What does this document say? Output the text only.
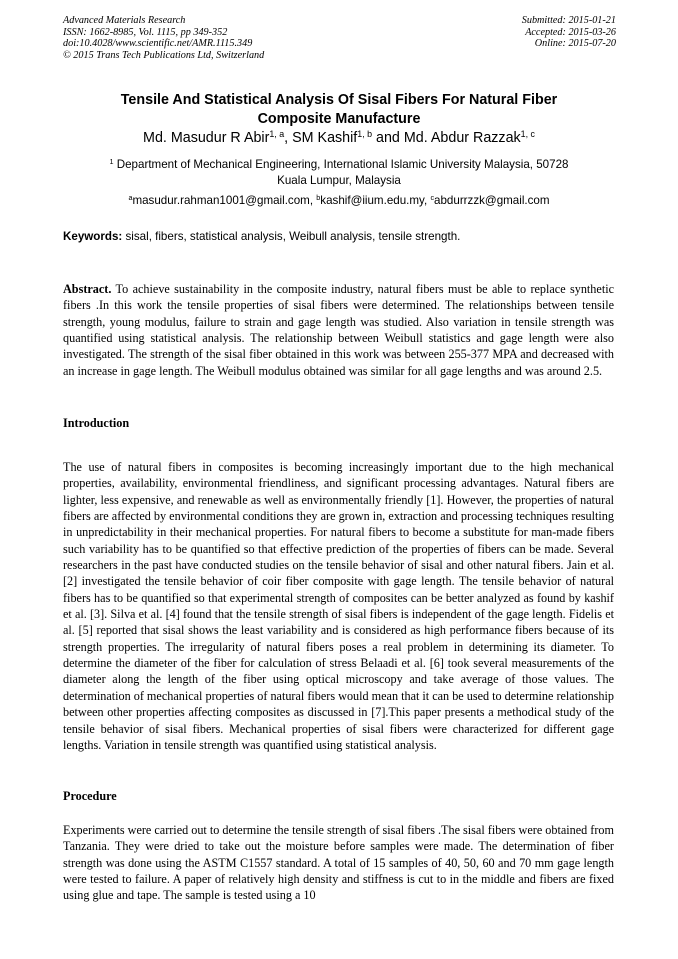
Advanced Materials Research
ISSN: 1662-8985, Vol. 1115, pp 349-352
doi:10.4028/www.scientific.net/AMR.1115.349
© 2015 Trans Tech Publications Ltd, Switzerland
Submitted: 2015-01-21
Accepted: 2015-03-26
Online: 2015-07-20
Tensile And Statistical Analysis Of Sisal Fibers For Natural Fiber
Composite Manufacture
Md. Masudur R Abir$^{1, a}$, SM Kashif$^{1, b}$ and Md. Abdur Razzak$^{1, c}$
$^1$ Department of Mechanical Engineering, International Islamic University Malaysia, 50728
Kuala Lumpur, Malaysia
$^a$masudur.rahman1001@gmail.com, $^b$kashif@iium.edu.my, $^c$abdurrzzk@gmail.com
Keywords: sisal, fibers, statistical analysis, Weibull analysis, tensile strength.
Abstract. To achieve sustainability in the composite industry, natural fibers must be able to replace synthetic fibers .In this work the tensile properties of sisal fibers were determined. The relationships between tensile strength, young modulus, failure to strain and gage length was studied. Also variation in tensile strength was quantified using statistical analysis. The relationship between Weibull statistics and gage length were also investigated. The strength of the sisal fiber obtained in this work was between 255-377 MPA and decreased with an increase in gage length. The Weibull modulus obtained was similar for all gage lengths and was around 2.5.
Introduction
The use of natural fibers in composites is becoming increasingly important due to the high mechanical properties, availability, environmental friendliness, and significant processing advantages. Natural fibers are lighter, less expensive, and renewable as well as environmentally friendly [1]. However, the properties of natural fibers are affected by environmental conditions they are grown in, extraction and processing techniques resulting in unpredictability in their mechanical properties. For natural fibers to become a substitute for man-made fibers such variability has to be quantified so that effective prediction of the properties of fibers can be made. Several researchers in the past have conducted studies on the tensile behavior of sisal and other natural fibers. Jain et al. [2] investigated the tensile behavior of coir fiber composite with gage length. The tensile behavior of natural fibers has to be quantified so that experimental strength of composites can be better analyzed as found by kashif et al. [3]. Silva et al. [4] found that the tensile strength of sisal fibers is independent of the gage length. Fidelis et al. [5] reported that sisal shows the least variability and is considered as high performance fibers because of its strength properties. The irregularity of natural fibers poses a real problem in determining its diameter. To determine the diameter of the fiber for calculation of stress Belaadi et al. [6] took several measurements of the diameter along the length of the fiber using optical microscopy and take average of those values. The determination of mechanical properties of natural fibers would mean that it can be used to determine relationship between other properties affecting composites as discussed in [7].This paper presents a methodical study of the tensile behavior of sisal fibers. Mechanical properties of sisal fibers were characterized for different gage lengths. Variation in tensile strength was quantified using statistical analysis.
Procedure
Experiments were carried out to determine the tensile strength of sisal fibers .The sisal fibers were obtained from Tanzania. They were dried to take out the moisture before samples were made. The determination of fiber strength was done using the ASTM C1557 standard. A total of 15 samples of 40, 50, 60 and 70 mm gage length were tested to failure. A paper of relatively high density and stiffness is cut to in the middle and fibers are fixed using glue and tape. The sample is tested using a 10
